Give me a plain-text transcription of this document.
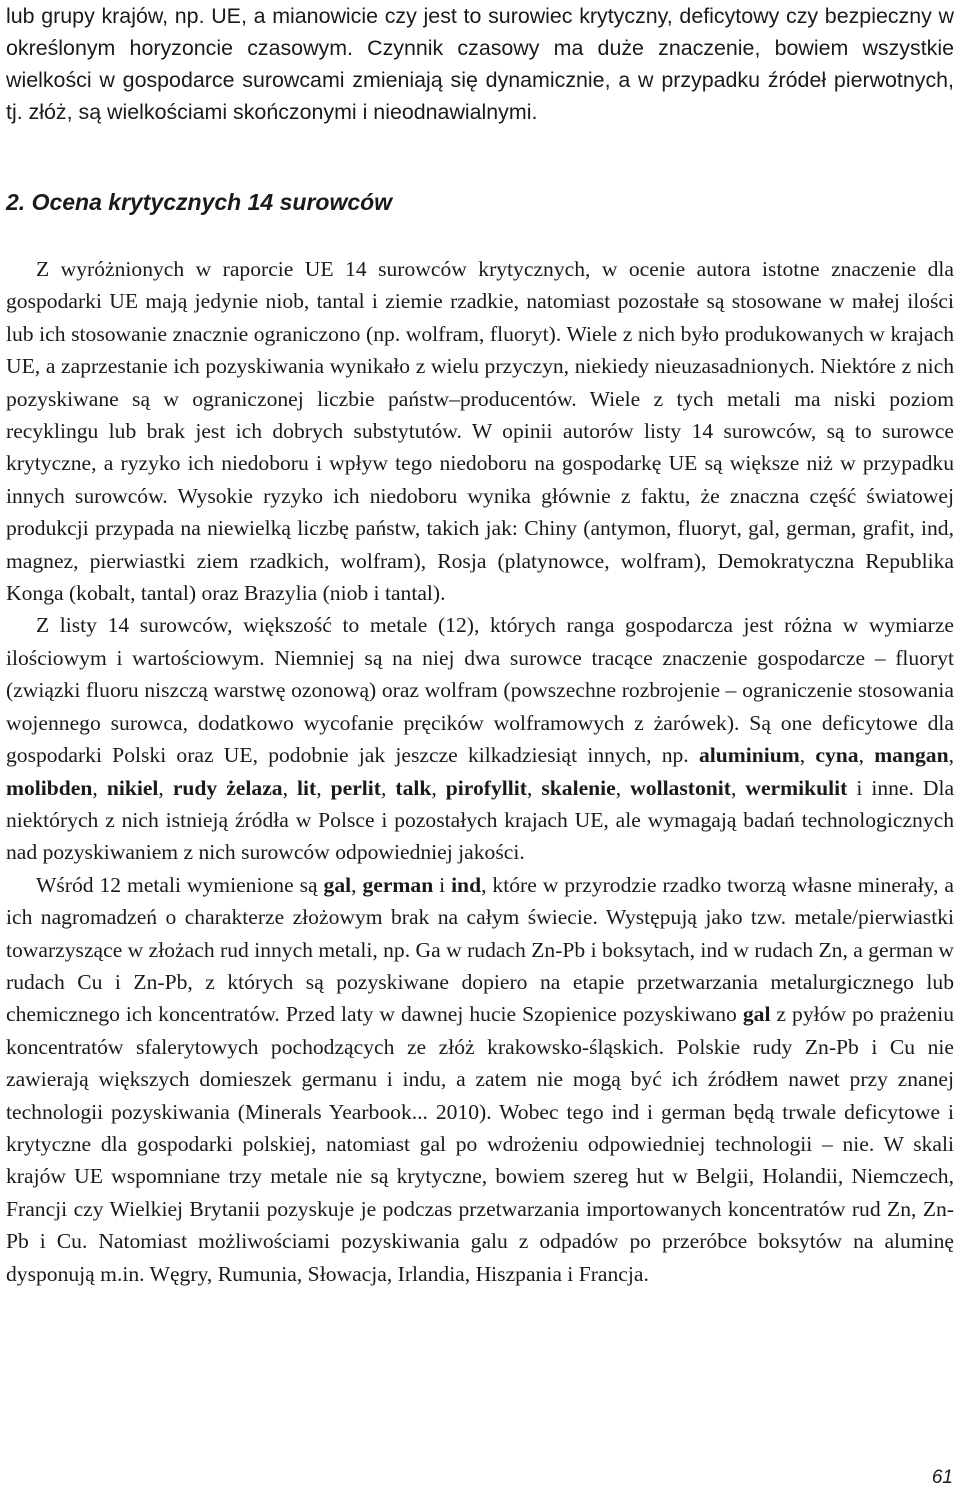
lub grupy krajów, np. UE, a mianowicie czy jest to surowiec krytyczny, deficytowy czy bezpieczny w określonym horyzoncie czasowym. Czynnik czasowy ma duże znaczenie, bowiem wszystkie wielkości w gospodarce surowcami zmieniają się dynamicznie, a w przypadku źródeł pierwotnych, tj. złóż, są wielkościami skończonymi i nieodnawialnymi.

2. Ocena krytycznych 14 surowców
Z wyróżnionych w raporcie UE 14 surowców krytycznych, w ocenie autora istotne znaczenie dla gospodarki UE mają jedynie niob, tantal i ziemie rzadkie, natomiast pozostałe są stosowane w małej ilości lub ich stosowanie znacznie ograniczono (np. wolfram, fluoryt). Wiele z nich było produkowanych w krajach UE, a zaprzestanie ich pozyskiwania wynikało z wielu przyczyn, niekiedy nieuzasadnionych. Niektóre z nich pozyskiwane są w ograniczonej liczbie państw–producentów. Wiele z tych metali ma niski poziom recyklingu lub brak jest ich dobrych substytutów. W opinii autorów listy 14 surowców, są to surowce krytyczne, a ryzyko ich niedoboru i wpływ tego niedoboru na gospodarkę UE są większe niż w przypadku innych surowców. Wysokie ryzyko ich niedoboru wynika głównie z faktu, że znaczna część światowej produkcji przypada na niewielką liczbę państw, takich jak: Chiny (antymon, fluoryt, gal, german, grafit, ind, magnez, pierwiastki ziem rzadkich, wolfram), Rosja (platynowce, wolfram), Demokratyczna Republika Konga (kobalt, tantal) oraz Brazylia (niob i tantal).
Z listy 14 surowców, większość to metale (12), których ranga gospodarcza jest różna w wymiarze ilościowym i wartościowym. Niemniej są na niej dwa surowce tracące znaczenie gospodarcze – fluoryt (związki fluoru niszczą warstwę ozonową) oraz wolfram (powszechne rozbrojenie – ograniczenie stosowania wojennego surowca, dodatkowo wycofanie pręcików wolframowych z żarówek). Są one deficytowe dla gospodarki Polski oraz UE, podobnie jak jeszcze kilkadziesiąt innych, np. aluminium, cyna, mangan, molibden, nikiel, rudy żelaza, lit, perlit, talk, pirofyllit, skalenie, wollastonit, wermikulit i inne. Dla niektórych z nich istnieją źródła w Polsce i pozostałych krajach UE, ale wymagają badań technologicznych nad pozyskiwaniem z nich surowców odpowiedniej jakości.
Wśród 12 metali wymienione są gal, german i ind, które w przyrodzie rzadko tworzą własne minerały, a ich nagromadzeń o charakterze złożowym brak na całym świecie. Występują jako tzw. metale/pierwiastki towarzyszące w złożach rud innych metali, np. Ga w rudach Zn-Pb i boksytach, ind w rudach Zn, a german w rudach Cu i Zn-Pb, z których są pozyskiwane dopiero na etapie przetwarzania metalurgicznego lub chemicznego ich koncentratów. Przed laty w dawnej hucie Szopienice pozyskiwano gal z pyłów po prażeniu koncentratów sfalerytowych pochodzących ze złóż krakowsko-śląskich. Polskie rudy Zn-Pb i Cu nie zawierają większych domieszek germanu i indu, a zatem nie mogą być ich źródłem nawet przy znanej technologii pozyskiwania (Minerals Yearbook... 2010). Wobec tego ind i german będą trwale deficytowe i krytyczne dla gospodarki polskiej, natomiast gal po wdrożeniu odpowiedniej technologii – nie. W skali krajów UE wspomniane trzy metale nie są krytyczne, bowiem szereg hut w Belgii, Holandii, Niemczech, Francji czy Wielkiej Brytanii pozyskuje je podczas przetwarzania importowanych koncentratów rud Zn, Zn-Pb i Cu. Natomiast możliwościami pozyskiwania galu z odpadów po przeróbce boksytów na aluminę dysponują m.in. Węgry, Rumunia, Słowacja, Irlandia, Hiszpania i Francja.

61
